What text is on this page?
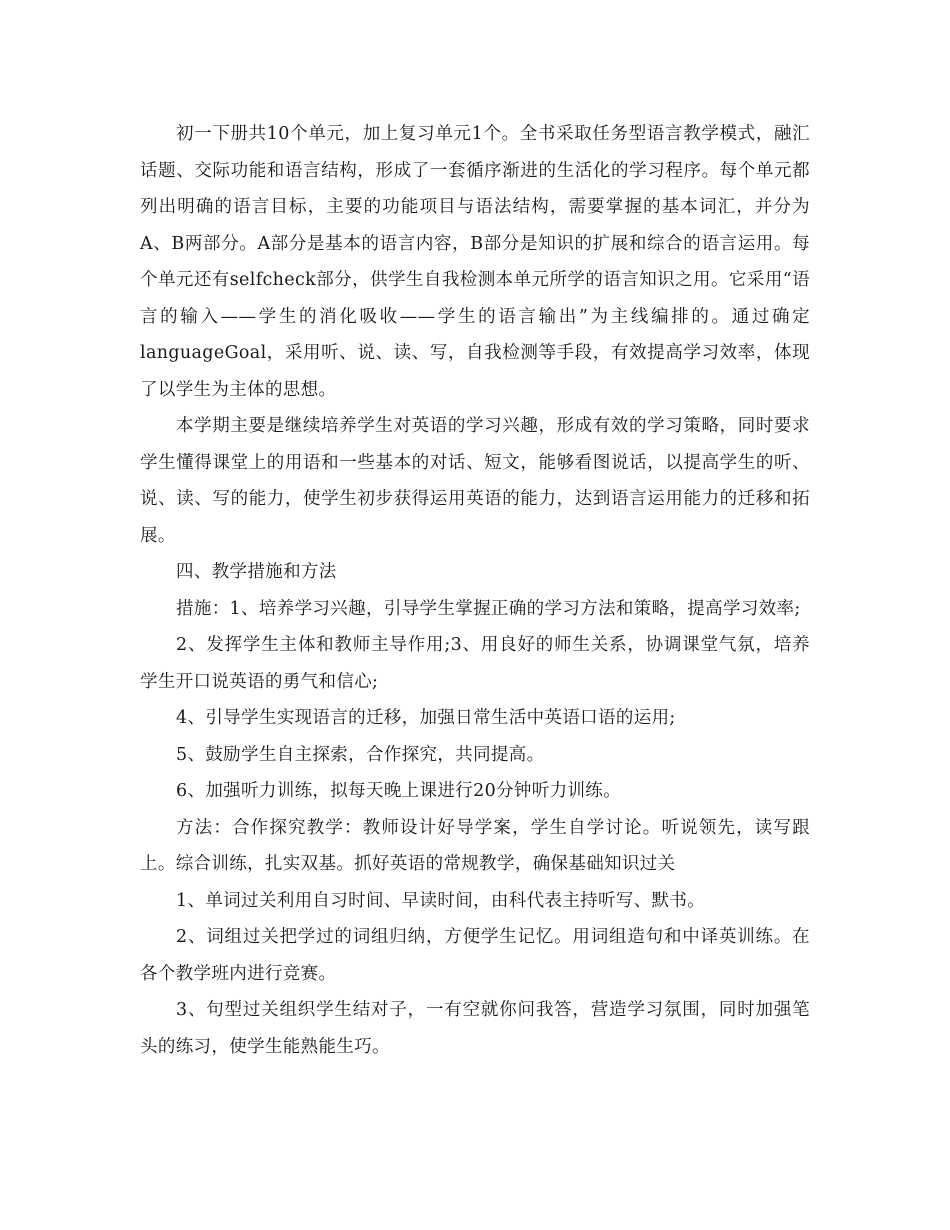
初一下册共10个单元，加上复习单元1个。全书采取任务型语言教学模式，融汇话题、交际功能和语言结构，形成了一套循序渐进的生活化的学习程序。每个单元都列出明确的语言目标，主要的功能项目与语法结构，需要掌握的基本词汇，并分为A、B两部分。A部分是基本的语言内容，B部分是知识的扩展和综合的语言运用。每个单元还有selfcheck部分，供学生自我检测本单元所学的语言知识之用。它采用“语言的输入——学生的消化吸收——学生的语言输出”为主线编排的。通过确定languageGoal，采用听、说、读、写，自我检测等手段，有效提高学习效率，体现了以学生为主体的思想。

本学期主要是继续培养学生对英语的学习兴趣，形成有效的学习策略，同时要求学生懂得课堂上的用语和一些基本的对话、短文，能够看图说话，以提高学生的听、说、读、写的能力，使学生初步获得运用英语的能力，达到语言运用能力的迁移和拓展。

四、教学措施和方法

措施：1、培养学习兴趣，引导学生掌握正确的学习方法和策略，提高学习效率;

2、发挥学生主体和教师主导作用;3、用良好的师生关系，协调课堂气氛，培养学生开口说英语的勇气和信心;

4、引导学生实现语言的迁移，加强日常生活中英语口语的运用;

5、鼓励学生自主探索，合作探究，共同提高。

6、加强听力训练，拟每天晚上课进行20分钟听力训练。

方法：合作探究教学：教师设计好导学案，学生自学讨论。听说领先，读写跟上。综合训练，扎实双基。抓好英语的常规教学，确保基础知识过关

1、单词过关利用自习时间、早读时间，由科代表主持听写、默书。

2、词组过关把学过的词组归纳，方便学生记忆。用词组造句和中译英训练。在各个教学班内进行竞赛。

3、句型过关组织学生结对子，一有空就你问我答，营造学习氛围，同时加强笔头的练习，使学生能熟能生巧。
